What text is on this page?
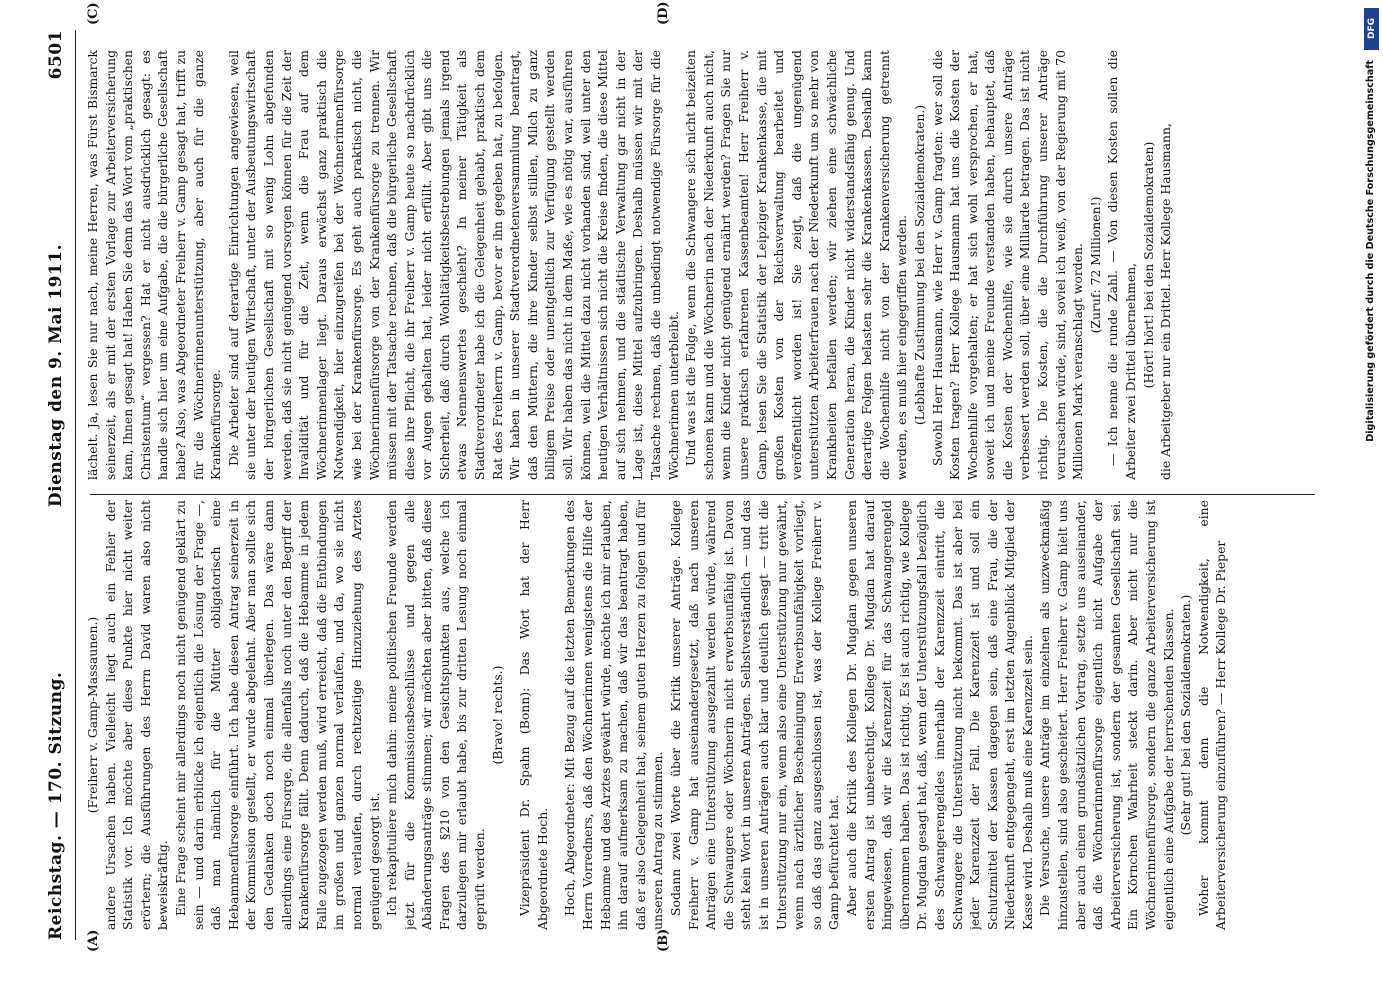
Reichstag. — 170. Sitzung.
Dienstag den 9. Mai 1911.
6501
(A)	(B)
(C)	(D)

(Freiherr v. Gamp-Massaunen.) andere Ursachen haben. Vielleicht liegt auch ein Fehler der Statistik vor. Ich möchte aber diese Punkte hier nicht weiter erörtern; die Ausführungen des Herrn David waren also nicht beweiskräftig. Eine Frage scheint mir allerdings noch nicht genügend geklärt zu sein — und darin erblicke ich eigentlich die Lösung der Frage —, daß man nämlich für die Mütter obligatorisch eine Hebammenfürsorge einführt. Ich habe diesen Antrag seinerzeit in der Kommission gestellt, er wurde abgelehnt. Aber man sollte sich den Gedanken doch noch einmal überlegen. Das wäre dann allerdings eine Fürsorge, die allenfalls noch unter den Begriff der Krankenfürsorge fällt. Denn dadurch, daß die Hebamme in jedem Falle zugezogen werden muß, wird erreicht, daß die Entbindungen im großen und ganzen normal verlaufen, und da, wo sie nicht normal verlaufen, durch rechtzeitige Hinzuziehung des Arztes genügend gesorgt ist. Ich rekapituliere mich dahin: meine politischen Freunde werden jetzt für die Kommissionsbeschlüsse und gegen alle Abänderungsanträge stimmen; wir möchten aber bitten, daß diese Fragen des §210 von den Gesichtspunkten aus, welche ich darzulegen mir erlaubt habe, bis zur dritten Lesung noch einmal geprüft werden.

(Bravo! rechts.) Vizepräsident Dr. Spahn (Bonn): Das Wort hat der Herr Abgeordnete Hoch. Hoch, Abgeordneter: Mit Bezug auf die letzten Bemerkungen des Herrn Vorredners, daß den Wöchnerinnen wenigstens die Hilfe der Hebamme und des Arztes gewährt würde, möchte ich mir erlauben, ihn darauf aufmerksam zu machen, daß wir das beantragt haben, daß er also Gelegenheit hat, seinem guten Herzen zu folgen und für unseren Antrag zu stimmen. Sodann zwei Worte über die Kritik unserer Anträge. Kollege Freiherr v. Gamp hat auseinandergesetzt, daß nach unseren Anträgen eine Unterstützung ausgezahlt werden würde, während die Schwangere oder Wöchnerin nicht erwerbsunfähig ist. Davon steht kein Wort in unseren Anträgen. Selbstverständlich — und das ist in unseren Anträgen auch klar und deutlich gesagt — tritt die Unterstützung nur ein, wenn also eine Unterstützung nur gewährt, wenn nach ärztlicher Bescheinigung Erwerbsunfähigkeit vorliegt, so daß das ganz ausgeschlossen ist, was der Kollege Freiherr v. Gamp befürchtet hat. Aber auch die Kritik des Kollegen Dr. Mugdan gegen unseren ersten Antrag ist unberechtigt. Kollege Dr. Mugdan hat darauf hingewiesen, daß wir die Karenzzeit für das Schwangerengeld übernommen haben. Das ist richtig. Es ist auch richtig, wie Kollege Dr. Mugdan gesagt hat, daß, wenn der Unterstützungsfall bezüglich des Schwangerengeldes innerhalb der Karenzzeit eintritt, die Schwangere die Unterstützung nicht bekommt. Das ist aber bei jeder Karenzzeit der Fall. Die Karenzzeit ist und soll ein Schutzmittel der Kassen dagegen sein, daß eine Frau, die der Niederkunft entgegengeht, erst im letzten Augenblick Mitglied der Kasse wird. Deshalb muß eine Karenzzeit sein. Die Versuche, unsere Anträge im einzelnen als unzweckmäßig hinzustellen, sind also gescheitert. Herr Freiherr v. Gamp hielt uns aber auch einen grundsätzlichen Vortrag, setzte uns auseinander, daß die Wöchnerinnenfürsorge eigentlich nicht Aufgabe der Arbeiterversicherung ist, sondern der gesamten Gesellschaft sei. Ein Körnchen Wahrheit steckt darin. Aber nicht nur die Wöchnerinnenfürsorge, sondern die ganze Arbeiterversicherung ist eigentlich eine Aufgabe der herrschenden Klassen. (Sehr gut! bei den Sozialdemokraten.) Woher kommt denn die Notwendigkeit, eine Arbeiterversicherung einzuführen? — Herr Kollege Dr. Pieper

lächelt. Ja, lesen Sie nur nach, meine Herren, was Fürst Bismarck seinerzeit, als er mit der ersten Vorlage zur Arbeiterversicherung kam, Ihnen gesagt hat! Haben Sie denn das Wort vom „praktischen Christentum“ vergessen? Hat er nicht ausdrücklich gesagt: es handle sich hier um eine Aufgabe, die die bürgerliche Gesellschaft habe? Also, was Abgeordneter Freiherr v. Gamp gesagt hat, trifft zu für die Wöchnerinnenunterstützung, aber auch für die ganze Krankenfürsorge. Die Arbeiter sind auf derartige Einrichtungen angewiesen, weil sie unter der heutigen Wirtschaft, unter der Ausbeutungswirtschaft der bürgerlichen Gesellschaft mit so wenig Lohn abgefunden werden, daß sie nicht genügend vorsorgen können für die Zeit der Invalidität und für die Zeit, wenn die Frau auf dem Wöchnerinnenlager liegt. Daraus erwächst ganz praktisch die Notwendigkeit, hier einzugreifen bei der Wöchnerinnenfürsorge wie bei der Krankenfürsorge. Es geht auch praktisch nicht, die Wöchnerinnenfürsorge von der Krankenfürsorge zu trennen. Wir müssen mit der Tatsache rechnen, daß die bürgerliche Gesellschaft diese ihre Pflicht, die ihr Freiherr v. Gamp heute so nachdrücklich vor Augen gehalten hat, leider nicht erfüllt. Aber gibt uns die Sicherheit, daß durch Wohltätigkeitsbestrebungen jemals irgend etwas Nennenswertes geschieht? In meiner Tätigkeit als Stadtverordneter habe ich die Gelegenheit gehabt, praktisch dem Rat des Freiherrn v. Gamp, bevor er ihn gegeben hat, zu befolgen. Wir haben in unserer Stadtverordnetenversammlung beantragt, daß den Müttern, die ihre Kinder selbst stillen, Milch zu ganz billigem Preise oder unentgeltlich zur Verfügung gestellt werden soll. Wir haben das nicht in dem Maße, wie es nötig war, ausführen können, weil die Mittel dazu nicht vorhanden sind, weil unter den heutigen Verhältnissen sich nicht die Kreise finden, die diese Mittel auf sich nehmen, und die städtische Verwaltung gar nicht in der Lage ist, diese Mittel aufzubringen. Deshalb müssen wir mit der Tatsache rechnen, daß die unbedingt notwendige Fürsorge für die Wöchnerinnen unterbleibt. Und was ist die Folge, wenn die Schwangere sich nicht beizeiten schonen kann und die Wöchnerin nach der Niederkunft auch nicht, wenn die Kinder nicht genügend ernährt werden? Fragen Sie nur unsere praktisch erfahrenen Kassenbeamten! Herr Freiherr v. Gamp, lesen Sie die Statistik der Leipziger Krankenkasse, die mit großen Kosten von der Reichsverwaltung bearbeitet und veröffentlicht worden ist! Sie zeigt, daß die ungenügend unterstützten Arbeiterfrauen nach der Niederkunft um so mehr von Krankheiten befallen werden; wir ziehen eine schwächliche Generation heran, die Kinder nicht widerstandsfähig genug. Und derartige Folgen belasten sehr die Krankenkassen. Deshalb kann die Wochenhilfe nicht von der Krankenversicherung getrennt werden, es muß hier eingegriffen werden. (Lebhafte Zustimmung bei den Sozialdemokraten.) Sowohl Herr Hausmann, wie Herr v. Gamp fragten: wer soll die Kosten tragen? Herr Kollege Hausmann hat uns die Kosten der Wochenhilfe vorgehalten; er hat sich wohl versprochen, er hat, soweit ich und meine Freunde verstanden haben, behauptet, daß die Kosten der Wochenhilfe, wie sie durch unsere Anträge verbessert werden soll, über eine Milliarde betragen. Das ist nicht richtig. Die Kosten, die die Durchführung unserer Anträge verursachen würde, sind, soviel ich weiß, von der Regierung mit 70 Millionen Mark veranschlagt worden. (Zuruf: 72 Millionen!) — Ich nenne die runde Zahl. — Von diesen Kosten sollen die Arbeiter zwei Drittel übernehmen, (Hört! hört! bei den Sozialdemokraten) die Arbeitgeber nur ein Drittel. Herr Kollege Hausmann,

DFG
Digitalisierung gefördert durch die Deutsche Forschungsgemeinschaft
